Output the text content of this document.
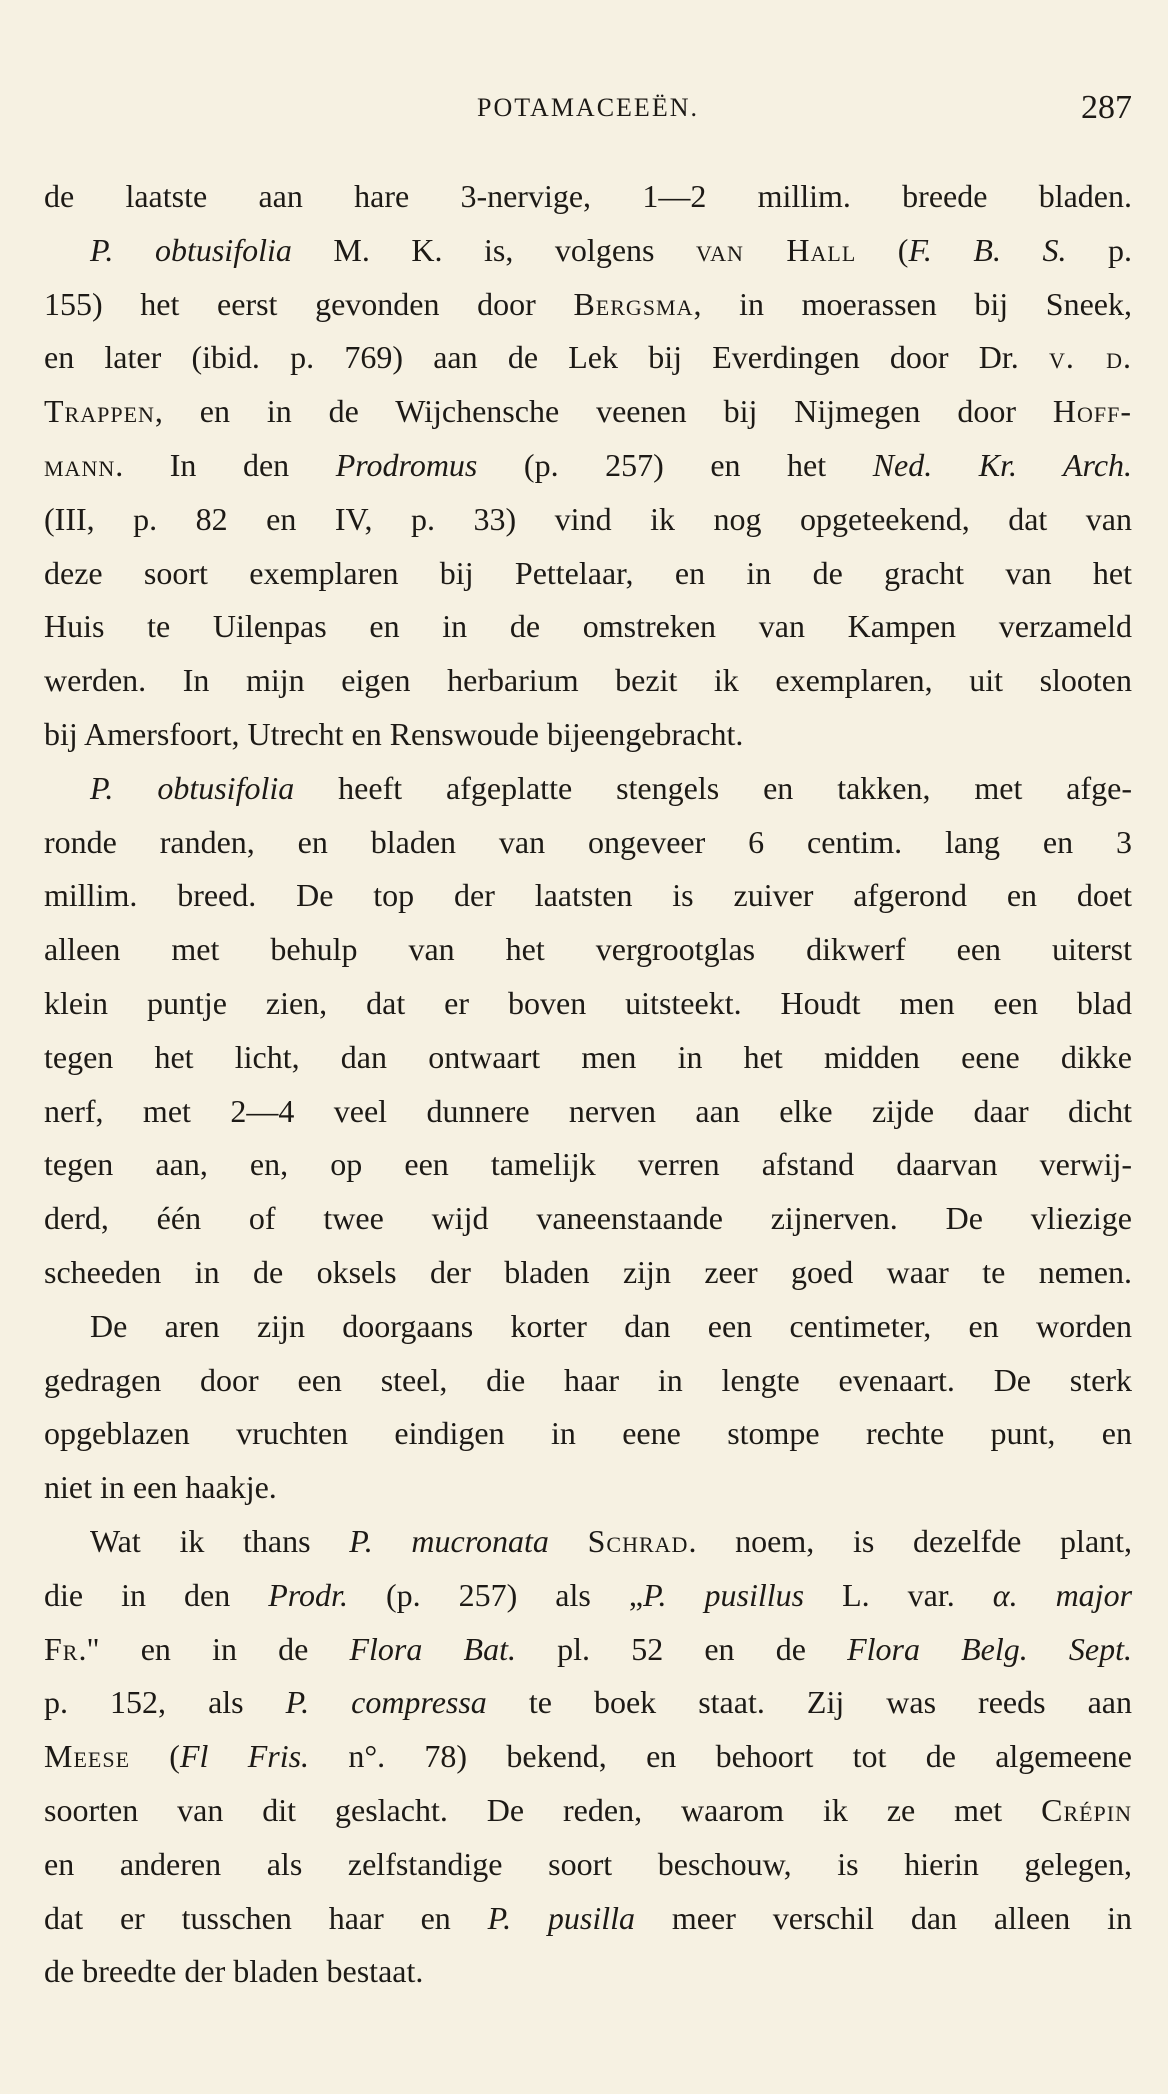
POTAMACEEËN.	287
de laatste aan hare 3-nervige, 1—2 millim. breede bladen.
P. obtusifolia M. K. is, volgens van Hall (F. B. S. p.
155) het eerst gevonden door Bergsma, in moerassen bij Sneek,
en later (ibid. p. 769) aan de Lek bij Everdingen door Dr. v. d.
Trappen, en in de Wijchensche veenen bij Nijmegen door Hoff-
mann. In den Prodromus (p. 257) en het Ned. Kr. Arch.
(III, p. 82 en IV, p. 33) vind ik nog opgeteekend, dat van
deze soort exemplaren bij Pettelaar, en in de gracht van het
Huis te Uilenpas en in de omstreken van Kampen verzameld
werden. In mijn eigen herbarium bezit ik exemplaren, uit slooten
bij Amersfoort, Utrecht en Renswoude bijeengebracht.
P. obtusifolia heeft afgeplatte stengels en takken, met afge-
ronde randen, en bladen van ongeveer 6 centim. lang en 3
millim. breed. De top der laatsten is zuiver afgerond en doet
alleen met behulp van het vergrootglas dikwerf een uiterst
klein puntje zien, dat er boven uitsteekt. Houdt men een blad
tegen het licht, dan ontwaart men in het midden eene dikke
nerf, met 2—4 veel dunnere nerven aan elke zijde daar dicht
tegen aan, en, op een tamelijk verren afstand daarvan verwij-
derd, één of twee wijd vaneenstaande zijnerven. De vliezige
scheeden in de oksels der bladen zijn zeer goed waar te nemen.
De aren zijn doorgaans korter dan een centimeter, en worden
gedragen door een steel, die haar in lengte evenaart. De sterk
opgeblazen vruchten eindigen in eene stompe rechte punt, en
niet in een haakje.
Wat ik thans P. mucronata Schrad. noem, is dezelfde plant,
die in den Prodr. (p. 257) als „P. pusillus L. var. α. major
Fr." en in de Flora Bat. pl. 52 en de Flora Belg. Sept.
p. 152, als P. compressa te boek staat. Zij was reeds aan
Meese (Fl Fris. n°. 78) bekend, en behoort tot de algemeene
soorten van dit geslacht. De reden, waarom ik ze met Crépin
en anderen als zelfstandige soort beschouw, is hierin gelegen,
dat er tusschen haar en P. pusilla meer verschil dan alleen in
de breedte der bladen bestaat.
